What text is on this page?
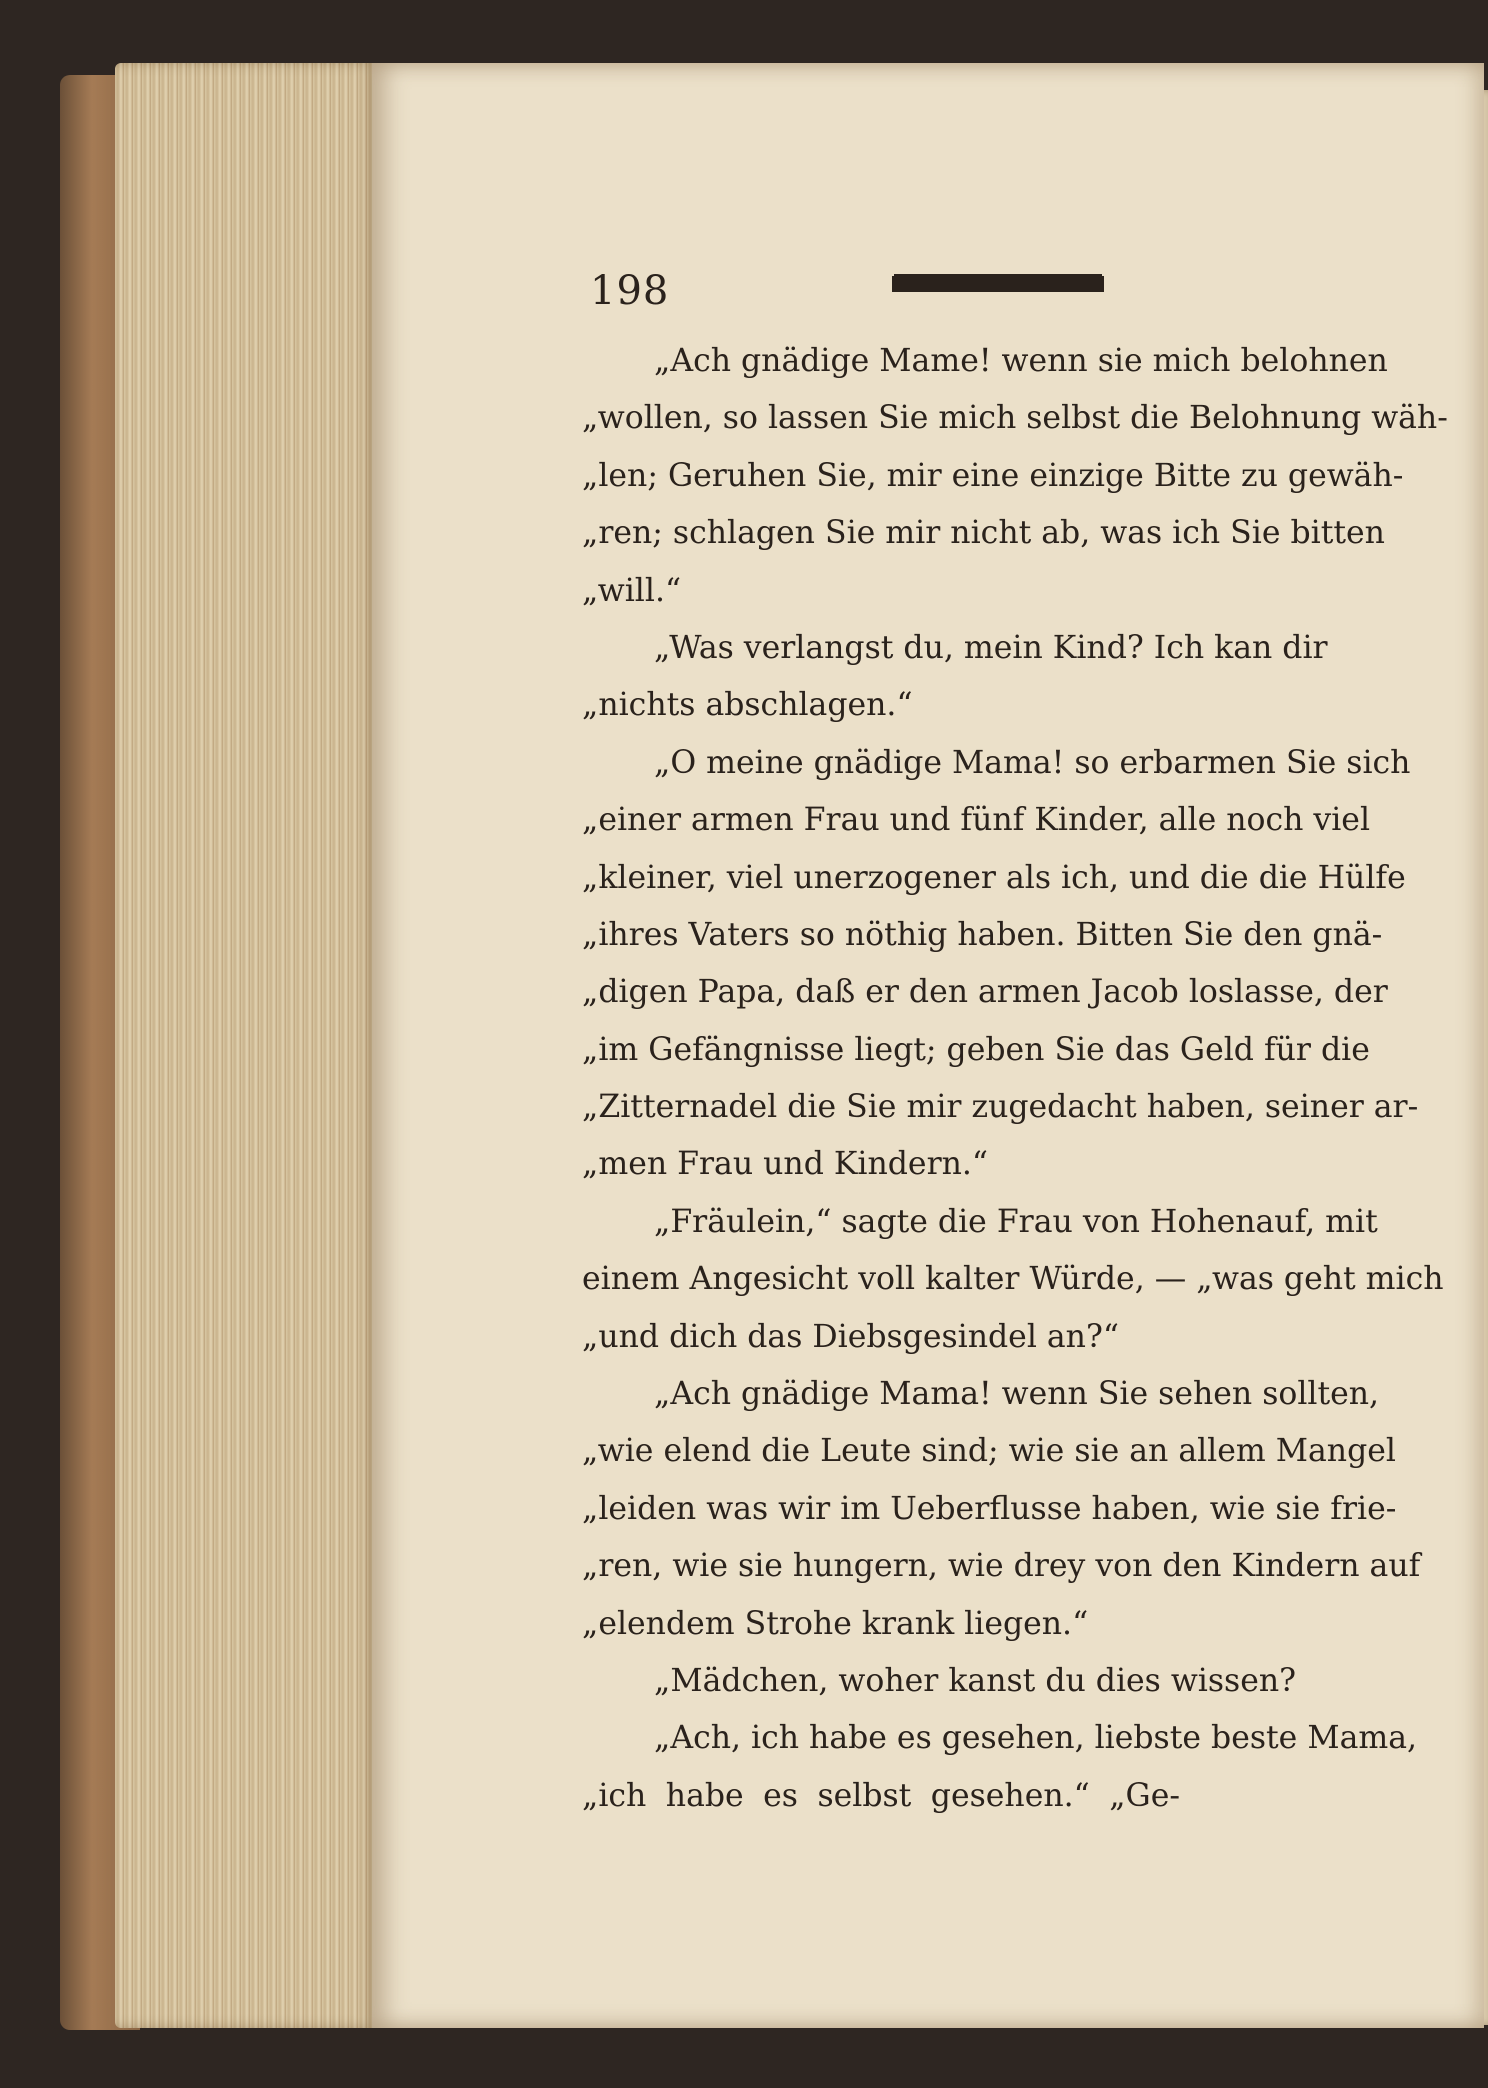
198
„Ach gnädige Mame! wenn sie mich belohnen
„wollen, so lassen Sie mich selbst die Belohnung wäh‐
„len; Geruhen Sie, mir eine einzige Bitte zu gewäh‐
„ren; schlagen Sie mir nicht ab, was ich Sie bitten
„will.“
„Was verlangst du, mein Kind? Ich kan dir
„nichts abschlagen.“
„O meine gnädige Mama! so erbarmen Sie sich
„einer armen Frau und fünf Kinder, alle noch viel
„kleiner, viel unerzogener als ich, und die die Hülfe
„ihres Vaters so nöthig haben. Bitten Sie den gnä‐
„digen Papa, daß er den armen Jacob loslasse, der
„im Gefängnisse liegt; geben Sie das Geld für die
„Zitternadel die Sie mir zugedacht haben, seiner ar‐
„men Frau und Kindern.“
„Fräulein,“ sagte die Frau von Hohenauf, mit
einem Angesicht voll kalter Würde, — „was geht mich
„und dich das Diebsgesindel an?“
„Ach gnädige Mama! wenn Sie sehen sollten,
„wie elend die Leute sind; wie sie an allem Mangel
„leiden was wir im Ueberflusse haben, wie sie frie‐
„ren, wie sie hungern, wie drey von den Kindern auf
„elendem Strohe krank liegen.“
„Mädchen, woher kanst du dies wissen?
„Ach, ich habe es gesehen, liebste beste Mama,
„ich habe es selbst gesehen.“ „Ge‐
